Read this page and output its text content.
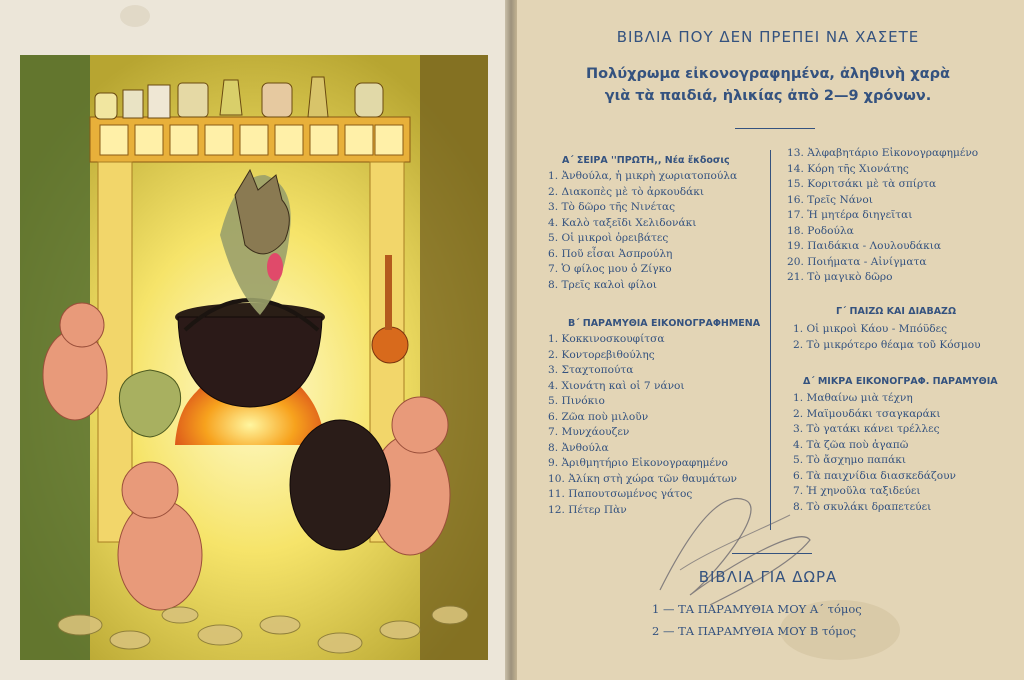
ΒΙΒΛΙΑ ΠΟΥ ΔΕΝ ΠΡΕΠΕΙ ΝΑ ΧΑΣΕΤΕ
Πολύχρωμα εἰκονογραφημένα, ἀληθινὴ χαρὰ
γιὰ τὰ παιδιά, ἡλικίας ἀπὸ 2—9 χρόνων.
Α΄ ΣΕΙΡΑ ''ΠΡΩΤΗ,, Νέα ἔκδοσις
1. Ἀνθούλα, ἡ μικρὴ χωριατοπούλα
2. Διακοπὲς μὲ τὸ ἀρκουδάκι
3. Τὸ δῶρο τῆς Νινέτας
4. Καλὸ ταξεῖδι Χελιδονάκι
5. Οἱ μικροὶ ὀρειβάτες
6. Ποῦ εἶσαι Ἀσπρούλη
7. Ὁ φίλος μου ὁ Ζίγκο
8. Τρεῖς καλοὶ φίλοι
Β΄ ΠΑΡΑΜΥΘΙΑ ΕΙΚΟΝΟΓΡΑΦΗΜΕΝΑ
1. Κοκκινοσκουφίτσα
2. Κοντορεβιθούλης
3. Σταχτοπούτα
4. Χιονάτη καὶ οἱ 7 νάνοι
5. Πινόκιο
6. Ζῶα ποὺ μιλοῦν
7. Μυνχάουζεν
8. Ἀνθούλα
9. Ἀριθμητήριο Εἰκονογραφημένο
10. Ἀλίκη στὴ χώρα τῶν θαυμάτων
11. Παπουτσωμένος γάτος
12. Πέτερ Πὰν
13. Ἀλφαβητάριο Εἰκονογραφημένο
14. Κόρη τῆς Χιονάτης
15. Κοριτσάκι μὲ τὰ σπίρτα
16. Τρεῖς Νάνοι
17. Ἡ μητέρα διηγεῖται
18. Ροδούλα
19. Παιδάκια - Λουλουδάκια
20. Ποιήματα - Αἰνίγματα
21. Τὸ μαγικὸ δῶρο
Γ΄ ΠΑΙΖΩ ΚΑΙ ΔΙΑΒΑΖΩ
1. Οἱ μικροὶ Κάου - Μπόϋδες
2. Τὸ μικρότερο θέαμα τοῦ Κόσμου
Δ΄ ΜΙΚΡΑ ΕΙΚΟΝΟΓΡΑΦ. ΠΑΡΑΜΥΘΙΑ
1. Μαθαίνω μιὰ τέχνη
2. Μαϊμουδάκι τσαγκαράκι
3. Τὸ γατάκι κάνει τρέλλες
4. Τὰ ζῶα ποὺ ἀγαπῶ
5. Τὸ ἄσχημο παπάκι
6. Τὰ παιχνίδια διασκεδάζουν
7. Ἡ χηνοῦλα ταξιδεύει
8. Τὸ σκυλάκι δραπετεύει
ΒΙΒΛΙΑ ΓΙΑ ΔΩΡΑ
1 — ΤΑ ΠΑΡΑΜΥΘΙΑ ΜΟΥ Α΄ τόμος
2 — ΤΑ ΠΑΡΑΜΥΘΙΑ ΜΟΥ Β τόμος
